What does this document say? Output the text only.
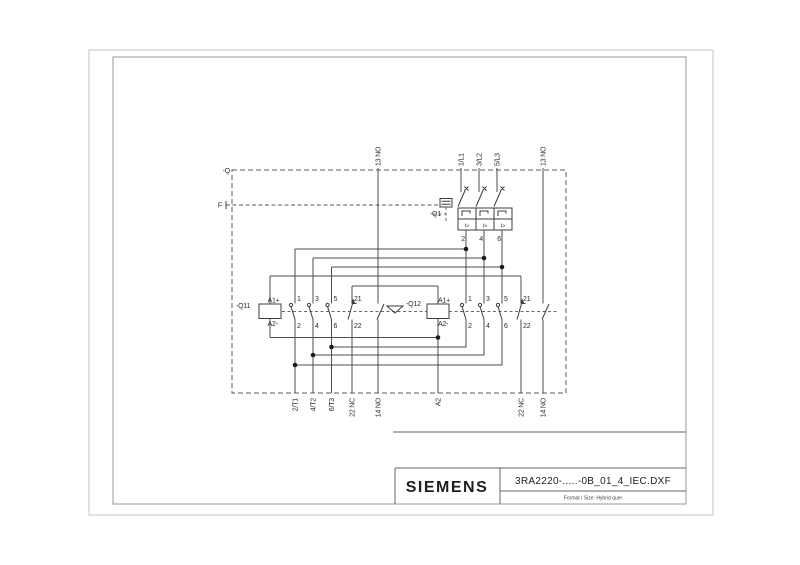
-Q
F
I> I> I>
2 4 6
-Q1
1/L1 3/L2 5/L3
13 NO	13 NO
-Q11
A1+
A2-
1 3 5 21
2 4 6 22
-Q12 A1+
A2-
1 3 5 21
2 4 6 22
2/T1 4/T2 6/T3 22 NC	14 NO	A2	22 NC 14 NO
SIEMENS	3RA2220-.....-0B_01_4_IEC.DXF
Format / Size: Hybrid quer
